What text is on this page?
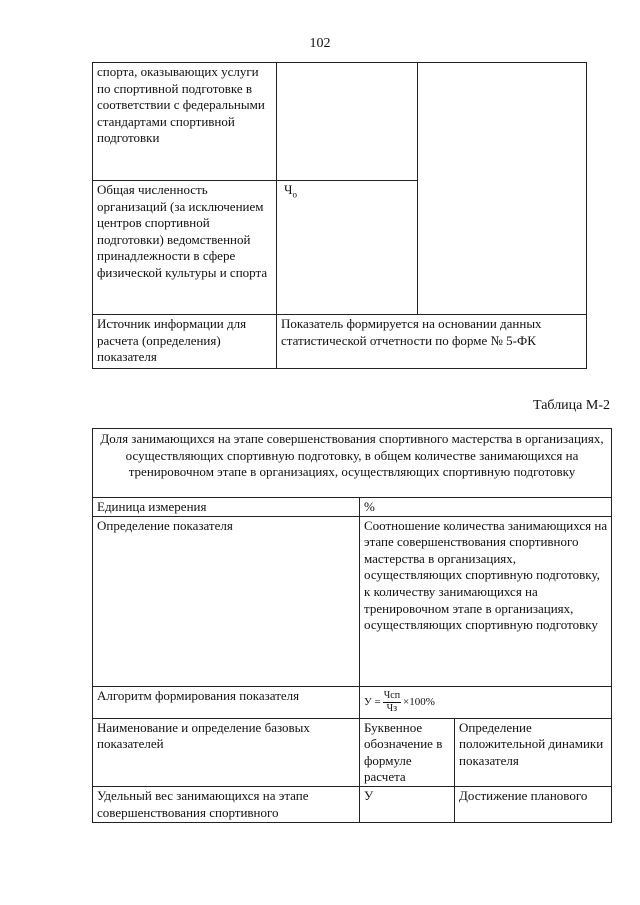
102
спорта, оказывающих услуги по спортивной подготовке в соответствии с федеральными стандартами спортивной подготовки		
Общая численность организаций (за исключением центров спортивной подготовки) ведомственной принадлежности в сфере физической культуры и спорта	$Ч_о$
Источник информации для расчета (определения) показателя	Показатель формируется на основании данных статистической отчетности по форме № 5-ФК	
Таблица М-2
Доля занимающихся на этапе совершенствования спортивного мастерства в организациях, осуществляющих спортивную подготовку, в общем количестве занимающихся на тренировочном этапе в организациях, осуществляющих спортивную подготовку		
Единица измерения	%	
Определение показателя	Соотношение количества занимающихся на этапе совершенствования спортивного мастерства в организациях, осуществляющих спортивную подготовку, к количеству занимающихся на тренировочном этапе в организациях, осуществляющих спортивную подготовку	
Алгоритм формирования показателя	$У = \frac{\text{Чсп}}{Чз} \times 100\%$	

Наименование и определение базовых показателей	Буквенное обозначение в формуле расчета	Определение положительной динамики показателя
Удельный вес занимающихся на этапе совершенствования спортивного	У	Достижение планового
